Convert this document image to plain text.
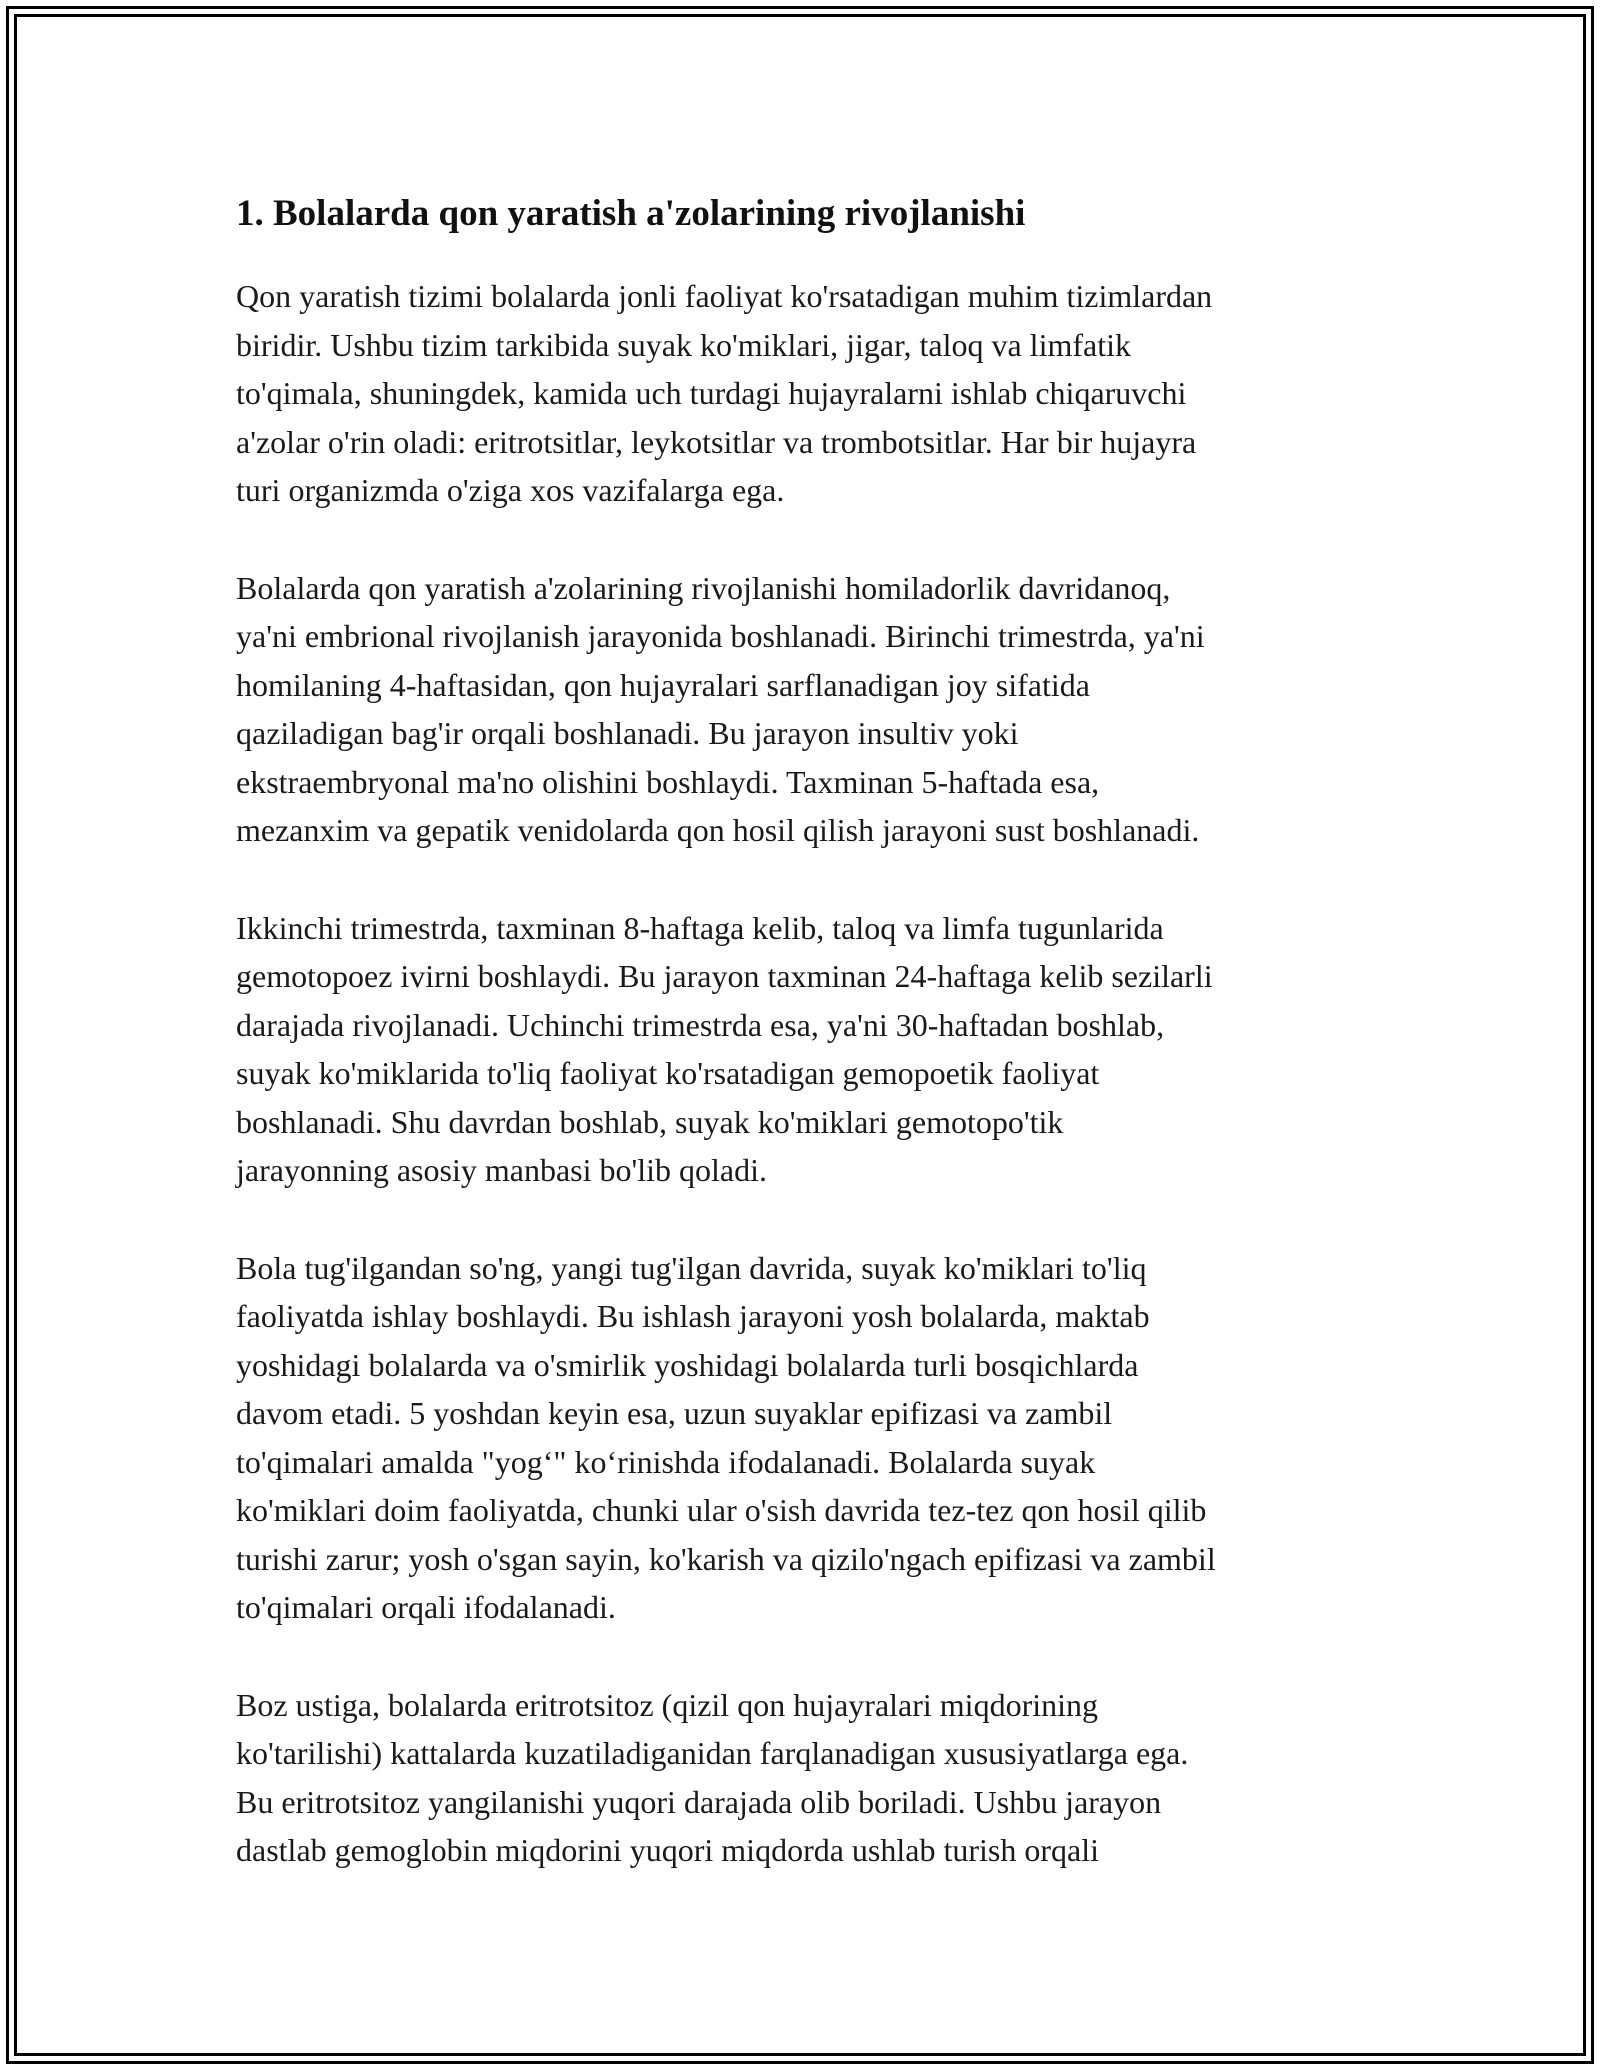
1. Bolalarda qon yaratish a'zolarining rivojlanishi

Qon yaratish tizimi bolalarda jonli faoliyat ko'rsatadigan muhim tizimlardan
biridir. Ushbu tizim tarkibida suyak ko'miklari, jigar, taloq va limfatik
to'qimala, shuningdek, kamida uch turdagi hujayralarni ishlab chiqaruvchi
a'zolar o'rin oladi: eritrotsitlar, leykotsitlar va trombotsitlar. Har bir hujayra
turi organizmda o'ziga xos vazifalarga ega.

Bolalarda qon yaratish a'zolarining rivojlanishi homiladorlik davridanoq,
ya'ni embrional rivojlanish jarayonida boshlanadi. Birinchi trimestrda, ya'ni
homilaning 4-haftasidan, qon hujayralari sarflanadigan joy sifatida
qaziladigan bag'ir orqali boshlanadi. Bu jarayon insultiv yoki
ekstraembryonal ma'no olishini boshlaydi. Taxminan 5-haftada esa,
mezanxim va gepatik venidolarda qon hosil qilish jarayoni sust boshlanadi.

Ikkinchi trimestrda, taxminan 8-haftaga kelib, taloq va limfa tugunlarida
gemotopoez ivirni boshlaydi. Bu jarayon taxminan 24-haftaga kelib sezilarli
darajada rivojlanadi. Uchinchi trimestrda esa, ya'ni 30-haftadan boshlab,
suyak ko'miklarida to'liq faoliyat ko'rsatadigan gemopoetik faoliyat
boshlanadi. Shu davrdan boshlab, suyak ko'miklari gemotopo'tik
jarayonning asosiy manbasi bo'lib qoladi.

Bola tug'ilgandan so'ng, yangi tug'ilgan davrida, suyak ko'miklari to'liq
faoliyatda ishlay boshlaydi. Bu ishlash jarayoni yosh bolalarda, maktab
yoshidagi bolalarda va o'smirlik yoshidagi bolalarda turli bosqichlarda
davom etadi. 5 yoshdan keyin esa, uzun suyaklar epifizasi va zambil
to'qimalari amalda "yog‘" ko‘rinishda ifodalanadi. Bolalarda suyak
ko'miklari doim faoliyatda, chunki ular o'sish davrida tez-tez qon hosil qilib
turishi zarur; yosh o'sgan sayin, ko'karish va qizilo'ngach epifizasi va zambil
to'qimalari orqali ifodalanadi.

Boz ustiga, bolalarda eritrotsitoz (qizil qon hujayralari miqdorining
ko'tarilishi) kattalarda kuzatiladiganidan farqlanadigan xususiyatlarga ega.
Bu eritrotsitoz yangilanishi yuqori darajada olib boriladi. Ushbu jarayon
dastlab gemoglobin miqdorini yuqori miqdorda ushlab turish orqali
